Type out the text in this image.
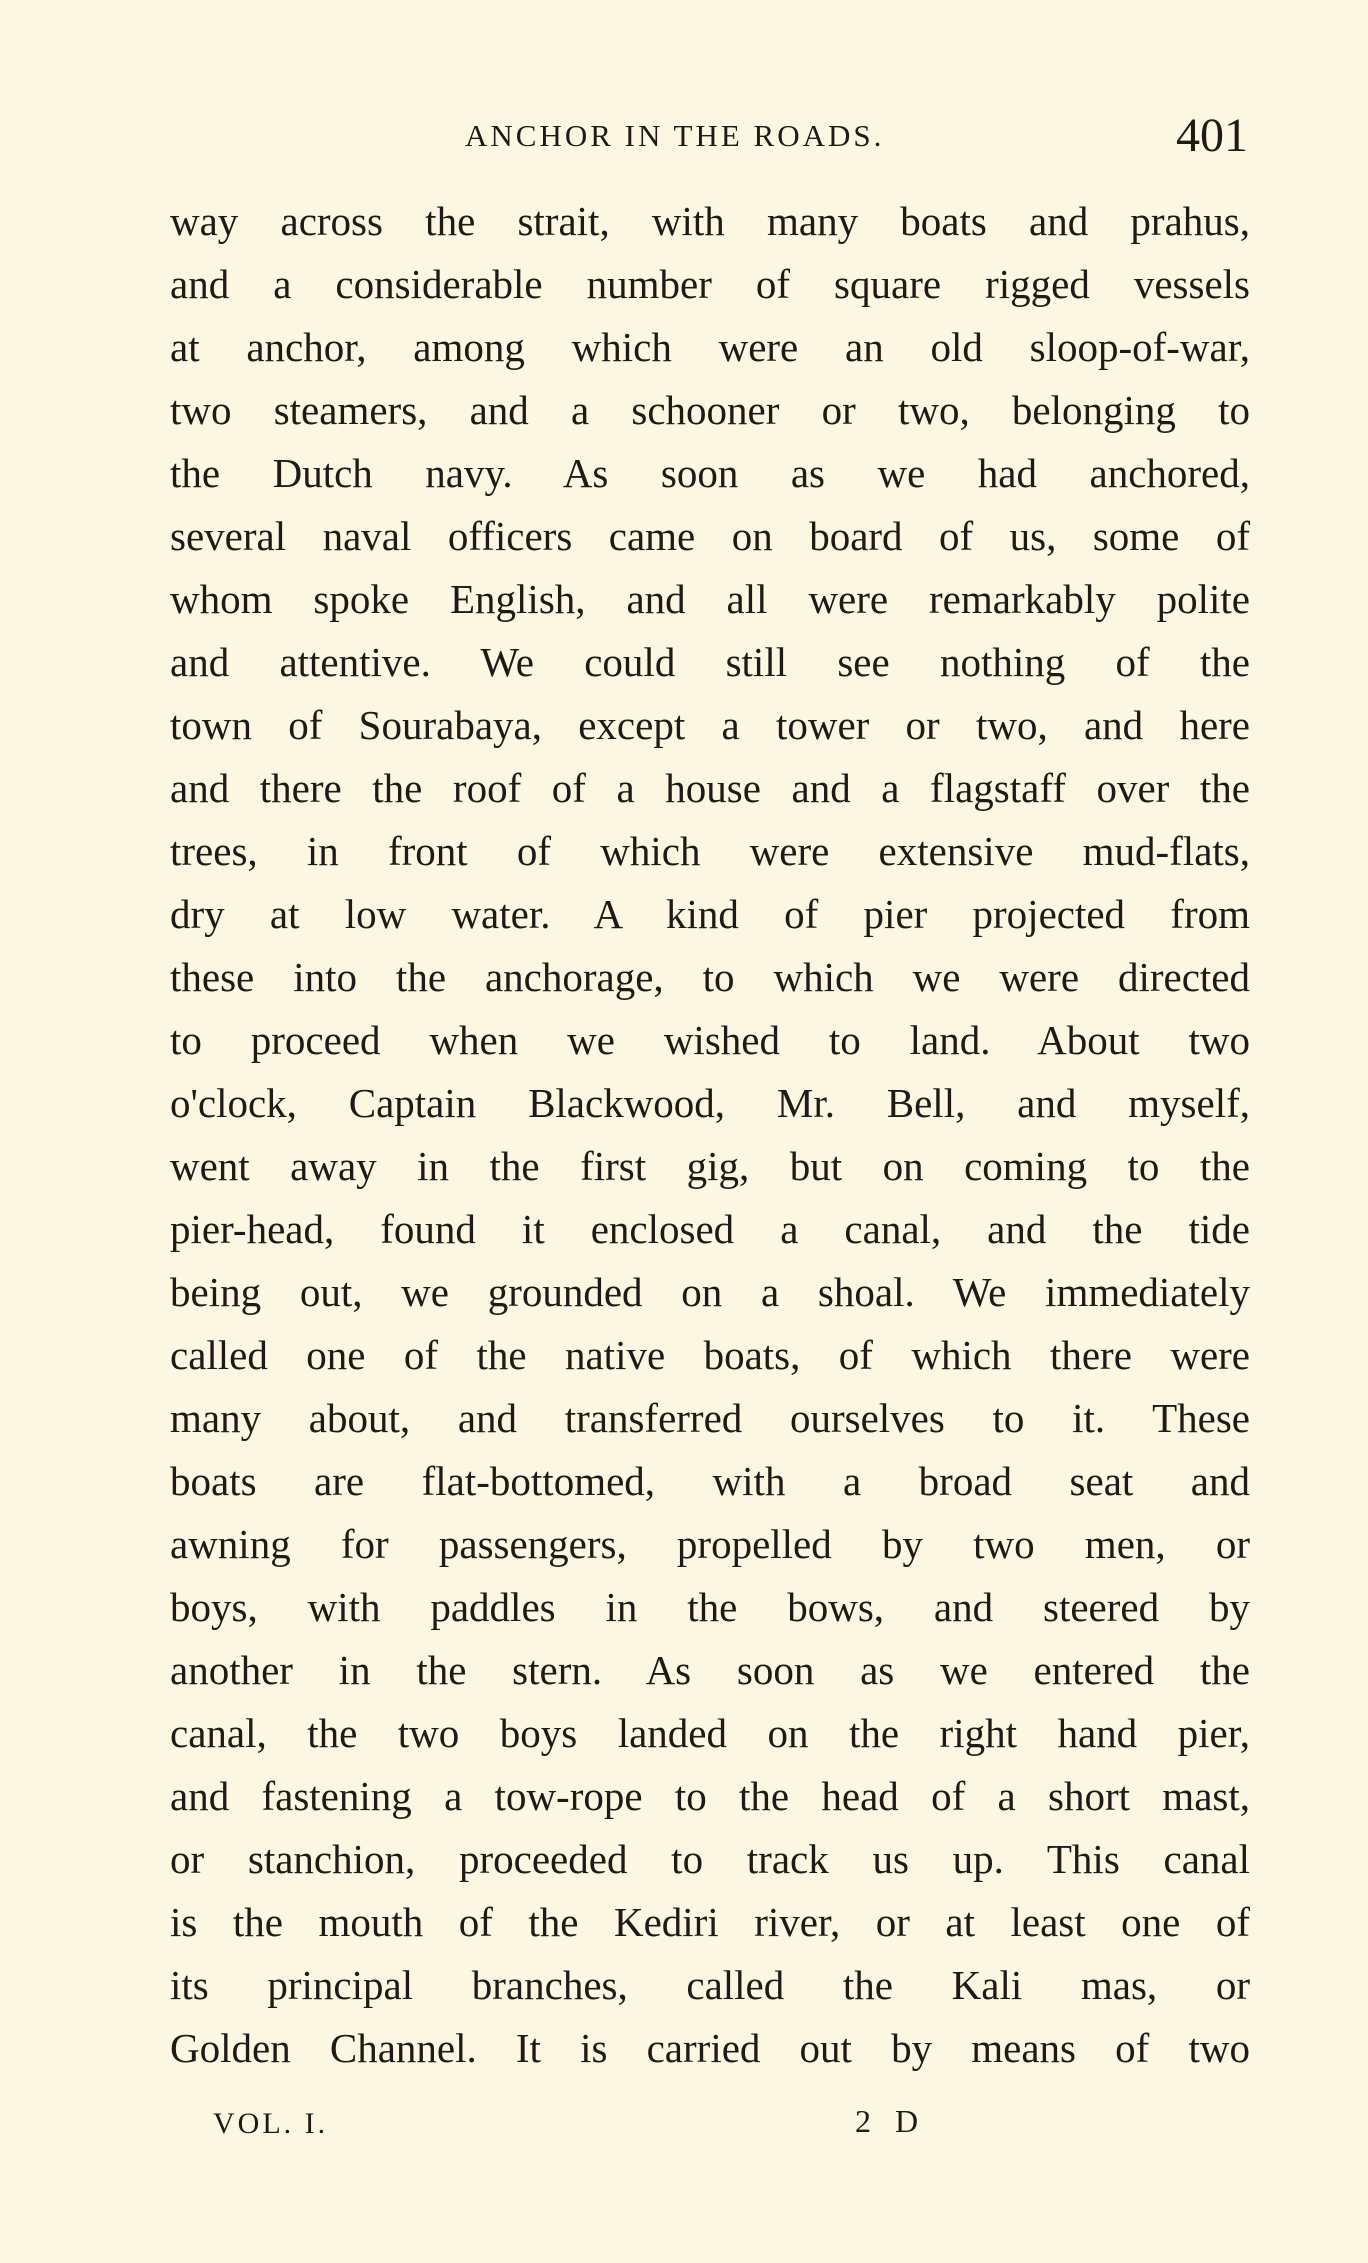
ANCHOR IN THE ROADS.	401
way across the strait, with many boats and prahus,
and a considerable number of square rigged vessels
at anchor, among which were an old sloop-of-war,
two steamers, and a schooner or two, belonging to
the Dutch navy. As soon as we had anchored,
several naval officers came on board of us, some of
whom spoke English, and all were remarkably polite
and attentive. We could still see nothing of the
town of Sourabaya, except a tower or two, and here
and there the roof of a house and a flagstaff over the
trees, in front of which were extensive mud-flats,
dry at low water. A kind of pier projected from
these into the anchorage, to which we were directed
to proceed when we wished to land. About two
o'clock, Captain Blackwood, Mr. Bell, and myself,
went away in the first gig, but on coming to the
pier-head, found it enclosed a canal, and the tide
being out, we grounded on a shoal. We immediately
called one of the native boats, of which there were
many about, and transferred ourselves to it. These
boats are flat-bottomed, with a broad seat and
awning for passengers, propelled by two men, or
boys, with paddles in the bows, and steered by
another in the stern. As soon as we entered the
canal, the two boys landed on the right hand pier,
and fastening a tow-rope to the head of a short mast,
or stanchion, proceeded to track us up. This canal
is the mouth of the Kediri river, or at least one of
its principal branches, called the Kali mas, or
Golden Channel. It is carried out by means of two
VOL. I.	2 D
